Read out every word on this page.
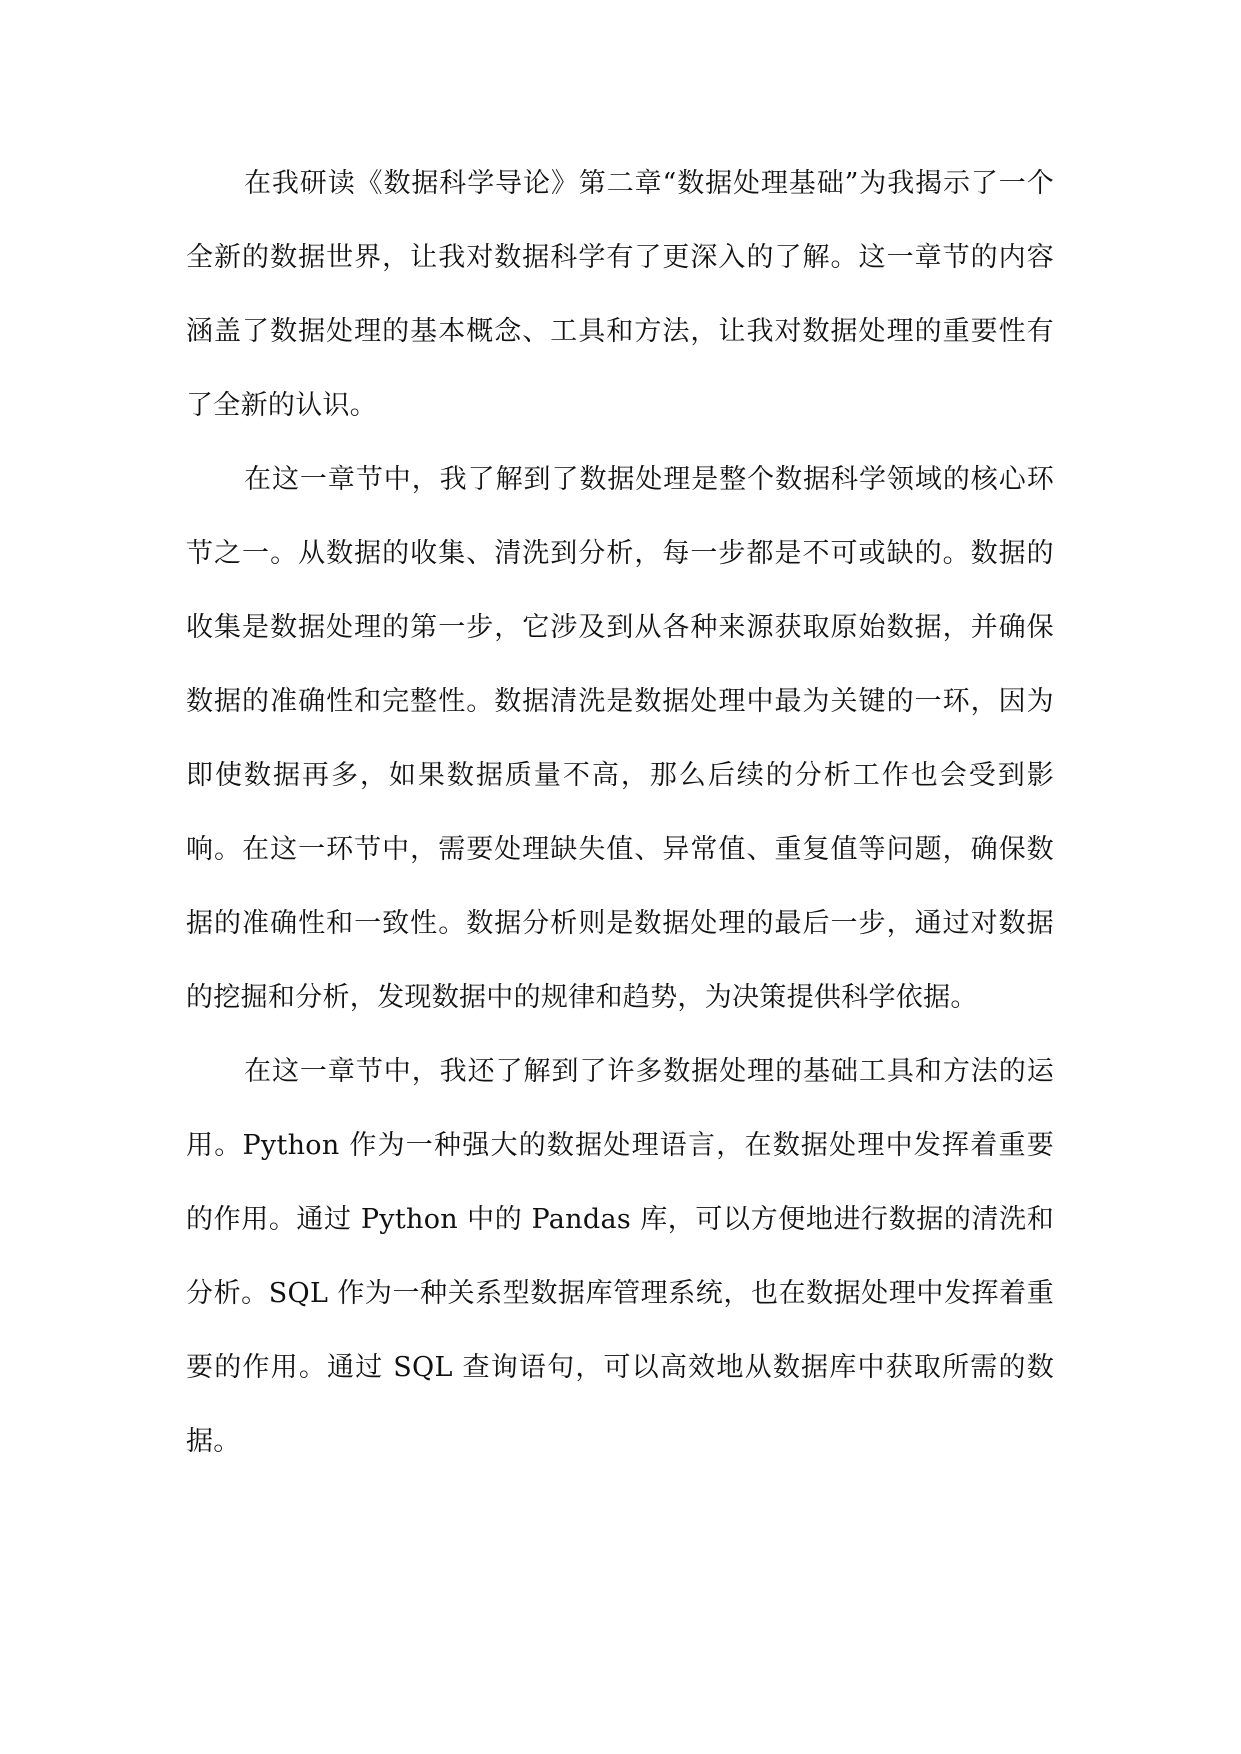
在我研读《数据科学导论》第二章“数据处理基础”为我揭示了一个全新的数据世界，让我对数据科学有了更深入的了解。这一章节的内容涵盖了数据处理的基本概念、工具和方法，让我对数据处理的重要性有了全新的认识。

在这一章节中，我了解到了数据处理是整个数据科学领域的核心环节之一。从数据的收集、清洗到分析，每一步都是不可或缺的。数据的收集是数据处理的第一步，它涉及到从各种来源获取原始数据，并确保数据的准确性和完整性。数据清洗是数据处理中最为关键的一环，因为即使数据再多，如果数据质量不高，那么后续的分析工作也会受到影响。在这一环节中，需要处理缺失值、异常值、重复值等问题，确保数据的准确性和一致性。数据分析则是数据处理的最后一步，通过对数据的挖掘和分析，发现数据中的规律和趋势，为决策提供科学依据。

在这一章节中，我还了解到了许多数据处理的基础工具和方法的运用。Python 作为一种强大的数据处理语言，在数据处理中发挥着重要的作用。通过 Python 中的 Pandas 库，可以方便地进行数据的清洗和分析。SQL 作为一种关系型数据库管理系统，也在数据处理中发挥着重要的作用。通过 SQL 查询语句，可以高效地从数据库中获取所需的数据。
